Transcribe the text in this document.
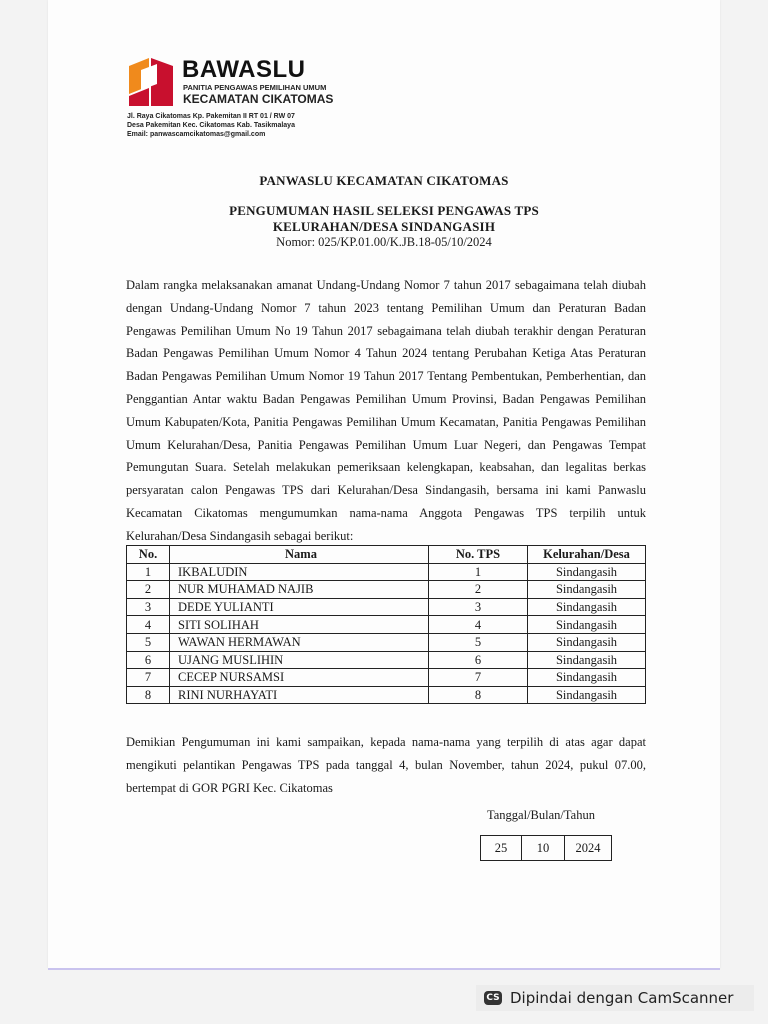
BAWASLU
PANITIA PENGAWAS PEMILIHAN UMUM
KECAMATAN CIKATOMAS
Jl. Raya Cikatomas Kp. Pakemitan II RT 01 / RW 07
Desa Pakemitan Kec. Cikatomas Kab. Tasikmalaya
Email: panwascamcikatomas@gmail.com
PANWASLU KECAMATAN CIKATOMAS
PENGUMUMAN HASIL SELEKSI PENGAWAS TPS
KELURAHAN/DESA SINDANGASIH
Nomor: 025/KP.01.00/K.JB.18-05/10/2024
Dalam rangka melaksanakan amanat Undang-Undang Nomor 7 tahun 2017 sebagaimana telah diubah dengan Undang-Undang Nomor 7 tahun 2023 tentang Pemilihan Umum dan Peraturan Badan Pengawas Pemilihan Umum No 19 Tahun 2017 sebagaimana telah diubah terakhir dengan Peraturan Badan Pengawas Pemilihan Umum Nomor 4 Tahun 2024 tentang Perubahan Ketiga Atas Peraturan Badan Pengawas Pemilihan Umum Nomor 19 Tahun 2017 Tentang Pembentukan, Pemberhentian, dan Penggantian Antar waktu Badan Pengawas Pemilihan Umum Provinsi, Badan Pengawas Pemilihan Umum Kabupaten/Kota, Panitia Pengawas Pemilihan Umum Kecamatan, Panitia Pengawas Pemilihan Umum Kelurahan/Desa, Panitia Pengawas Pemilihan Umum Luar Negeri, dan Pengawas Tempat Pemungutan Suara. Setelah melakukan pemeriksaan kelengkapan, keabsahan, dan legalitas berkas persyaratan calon Pengawas TPS dari Kelurahan/Desa Sindangasih, bersama ini kami Panwaslu Kecamatan Cikatomas mengumumkan nama-nama Anggota Pengawas TPS terpilih untuk Kelurahan/Desa Sindangasih sebagai berikut:
No.	Nama	No. TPS	Kelurahan/Desa
1	IKBALUDIN	1	Sindangasih
2	NUR MUHAMAD NAJIB	2	Sindangasih
3	DEDE YULIANTI	3	Sindangasih
4	SITI SOLIHAH	4	Sindangasih
5	WAWAN HERMAWAN	5	Sindangasih
6	UJANG MUSLIHIN	6	Sindangasih
7	CECEP NURSAMSI	7	Sindangasih
8	RINI NURHAYATI	8	Sindangasih
Demikian Pengumuman ini kami sampaikan, kepada nama-nama yang terpilih di atas agar dapat mengikuti pelantikan Pengawas TPS pada tanggal 4, bulan November, tahun 2024, pukul 07.00, bertempat di GOR PGRI Kec. Cikatomas
Tanggal/Bulan/Tahun
25	10	2024
CS Dipindai dengan CamScanner
